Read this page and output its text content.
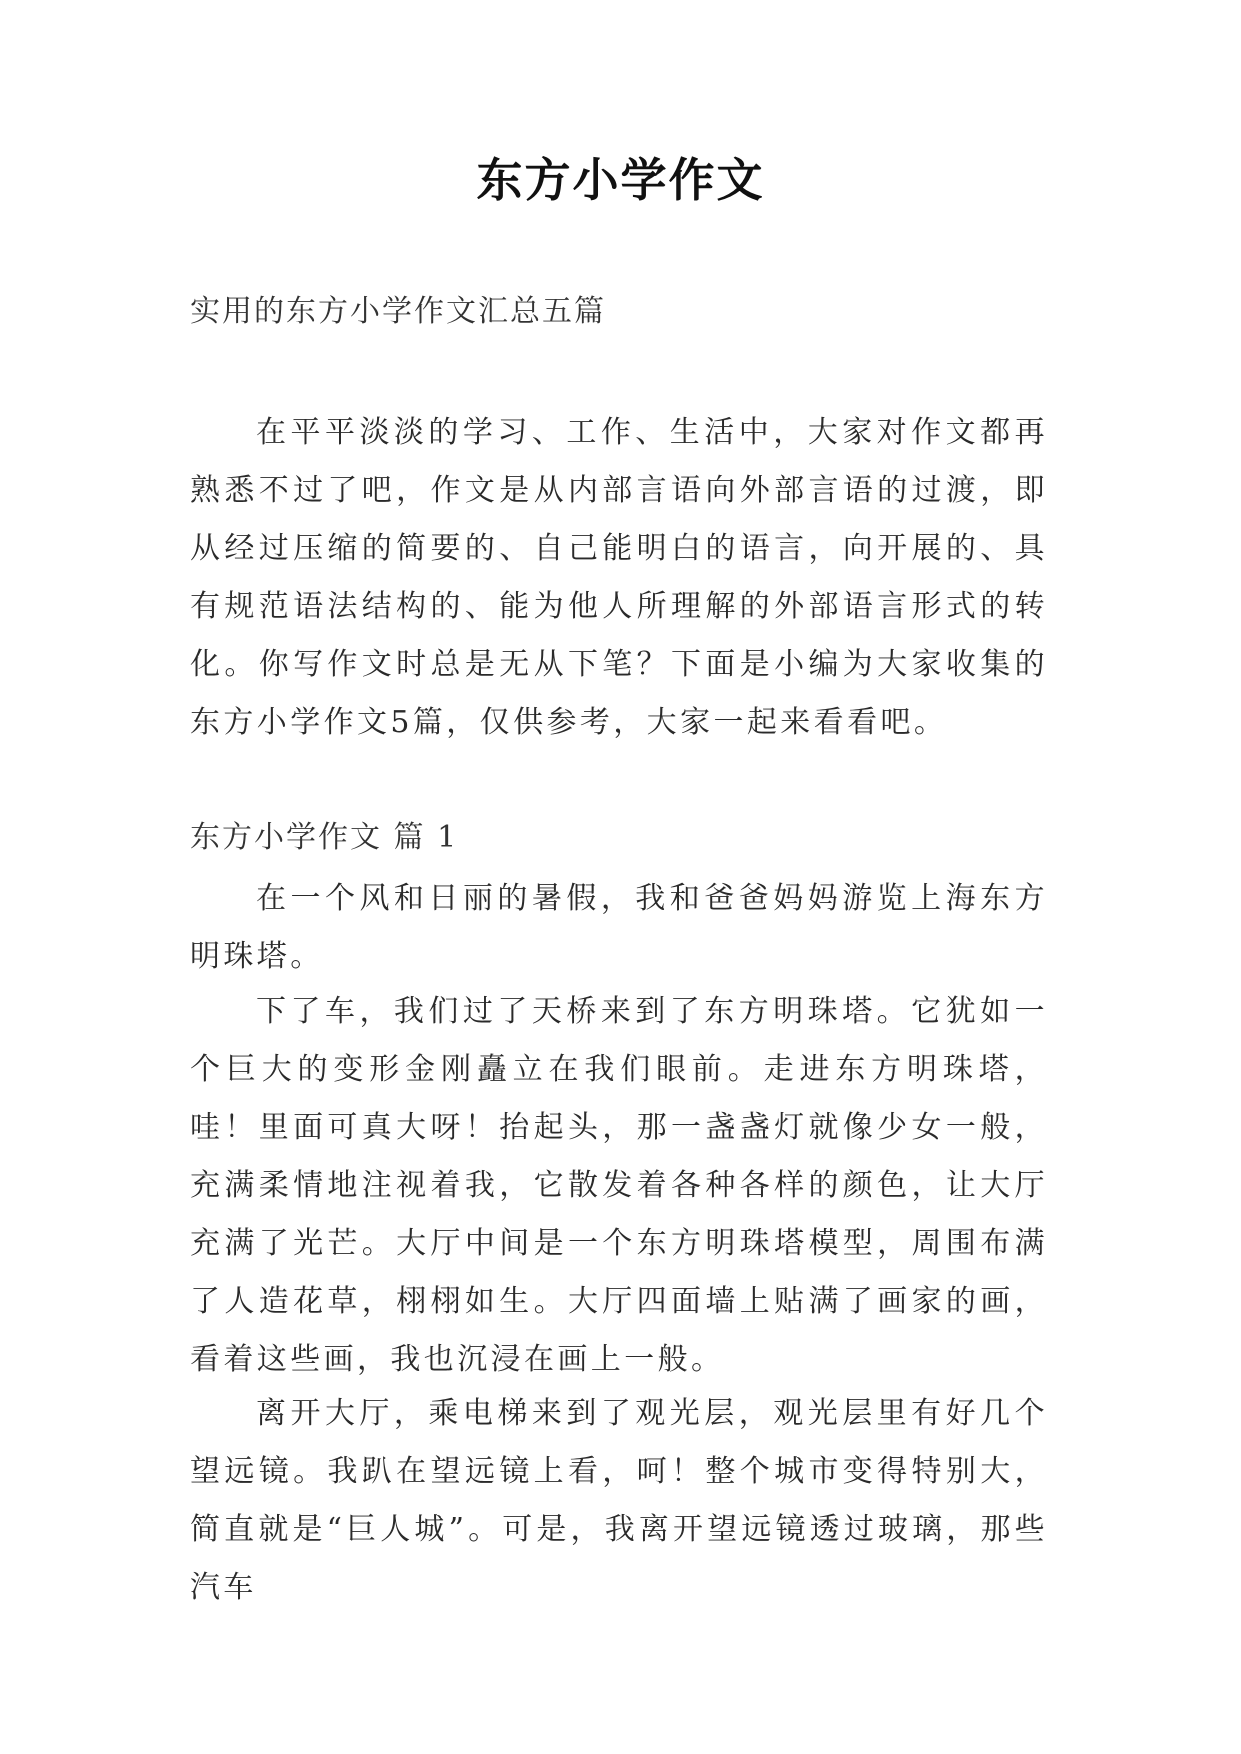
东方小学作文
实用的东方小学作文汇总五篇

在平平淡淡的学习、工作、生活中，大家对作文都再熟悉不过了吧，作文是从内部言语向外部言语的过渡，即从经过压缩的简要的、自己能明白的语言，向开展的、具有规范语法结构的、能为他人所理解的外部语言形式的转化。你写作文时总是无从下笔？下面是小编为大家收集的东方小学作文5篇，仅供参考，大家一起来看看吧。

东方小学作文 篇 1

在一个风和日丽的暑假，我和爸爸妈妈游览上海东方明珠塔。

下了车，我们过了天桥来到了东方明珠塔。它犹如一个巨大的变形金刚矗立在我们眼前。走进东方明珠塔，哇！里面可真大呀！抬起头，那一盏盏灯就像少女一般，充满柔情地注视着我，它散发着各种各样的颜色，让大厅充满了光芒。大厅中间是一个东方明珠塔模型，周围布满了人造花草，栩栩如生。大厅四面墙上贴满了画家的画，看着这些画，我也沉浸在画上一般。

离开大厅，乘电梯来到了观光层，观光层里有好几个望远镜。我趴在望远镜上看，呵！整个城市变得特别大，简直就是“巨人城”。可是，我离开望远镜透过玻璃，那些汽车
